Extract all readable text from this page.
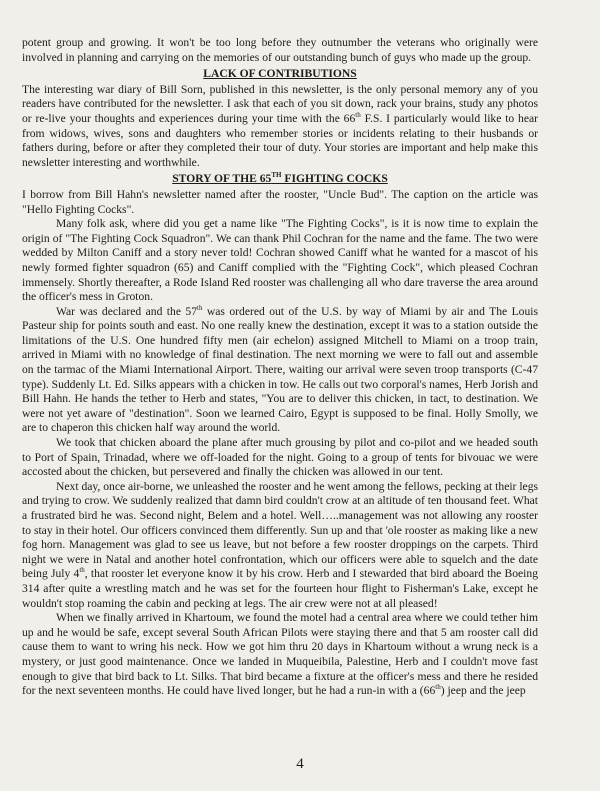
potent group and growing. It won't be too long before they outnumber the veterans who originally were involved in planning and carrying on the memories of our outstanding bunch of guys who made up the group.

LACK OF CONTRIBUTIONS

The interesting war diary of Bill Sorn, published in this newsletter, is the only personal memory any of you readers have contributed for the newsletter. I ask that each of you sit down, rack your brains, study any photos or re-live your thoughts and experiences during your time with the 66th F.S. I particularly would like to hear from widows, wives, sons and daughters who remember stories or incidents relating to their husbands or fathers during, before or after they completed their tour of duty. Your stories are important and help make this newsletter interesting and worthwhile.

STORY OF THE 65TH FIGHTING COCKS

I borrow from Bill Hahn's newsletter named after the rooster, "Uncle Bud". The caption on the article was "Hello Fighting Cocks".

Many folk ask, where did you get a name like "The Fighting Cocks", is it is now time to explain the origin of "The Fighting Cock Squadron". We can thank Phil Cochran for the name and the fame. The two were wedded by Milton Caniff and a story never told! Cochran showed Caniff what he wanted for a mascot of his newly formed fighter squadron (65) and Caniff complied with the "Fighting Cock", which pleased Cochran immensely. Shortly thereafter, a Rode Island Red rooster was challenging all who dare traverse the area around the officer's mess in Groton.

War was declared and the 57th was ordered out of the U.S. by way of Miami by air and The Louis Pasteur ship for points south and east. No one really knew the destination, except it was to a station outside the limitations of the U.S. One hundred fifty men (air echelon) assigned Mitchell to Miami on a troop train, arrived in Miami with no knowledge of final destination. The next morning we were to fall out and assemble on the tarmac of the Miami International Airport. There, waiting our arrival were seven troop transports (C-47 type). Suddenly Lt. Ed. Silks appears with a chicken in tow. He calls out two corporal's names, Herb Jorish and Bill Hahn. He hands the tether to Herb and states, "You are to deliver this chicken, in tact, to destination. We were not yet aware of "destination". Soon we learned Cairo, Egypt is supposed to be final. Holly Smolly, we are to chaperon this chicken half way around the world.

We took that chicken aboard the plane after much grousing by pilot and co-pilot and we headed south to Port of Spain, Trinadad, where we off-loaded for the night. Going to a group of tents for bivouac we were accosted about the chicken, but persevered and finally the chicken was allowed in our tent.

Next day, once air-borne, we unleashed the rooster and he went among the fellows, pecking at their legs and trying to crow. We suddenly realized that damn bird couldn't crow at an altitude of ten thousand feet. What a frustrated bird he was. Second night, Belem and a hotel. Well…..management was not allowing any rooster to stay in their hotel. Our officers convinced them differently. Sun up and that 'ole rooster as making like a new fog horn. Management was glad to see us leave, but not before a few rooster droppings on the carpets. Third night we were in Natal and another hotel confrontation, which our officers were able to squelch and the date being July 4th, that rooster let everyone know it by his crow. Herb and I stewarded that bird aboard the Boeing 314 after quite a wrestling match and he was set for the fourteen hour flight to Fisherman's Lake, except he wouldn't stop roaming the cabin and pecking at legs. The air crew were not at all pleased!

When we finally arrived in Khartoum, we found the motel had a central area where we could tether him up and he would be safe, except several South African Pilots were staying there and that 5 am rooster call did cause them to want to wring his neck. How we got him thru 20 days in Khartoum without a wrung neck is a mystery, or just good maintenance. Once we landed in Muqueibila, Palestine, Herb and I couldn't move fast enough to give that bird back to Lt. Silks. That bird became a fixture at the officer's mess and there he resided for the next seventeen months. He could have lived longer, but he had a run-in with a (66th) jeep and the jeep

4
